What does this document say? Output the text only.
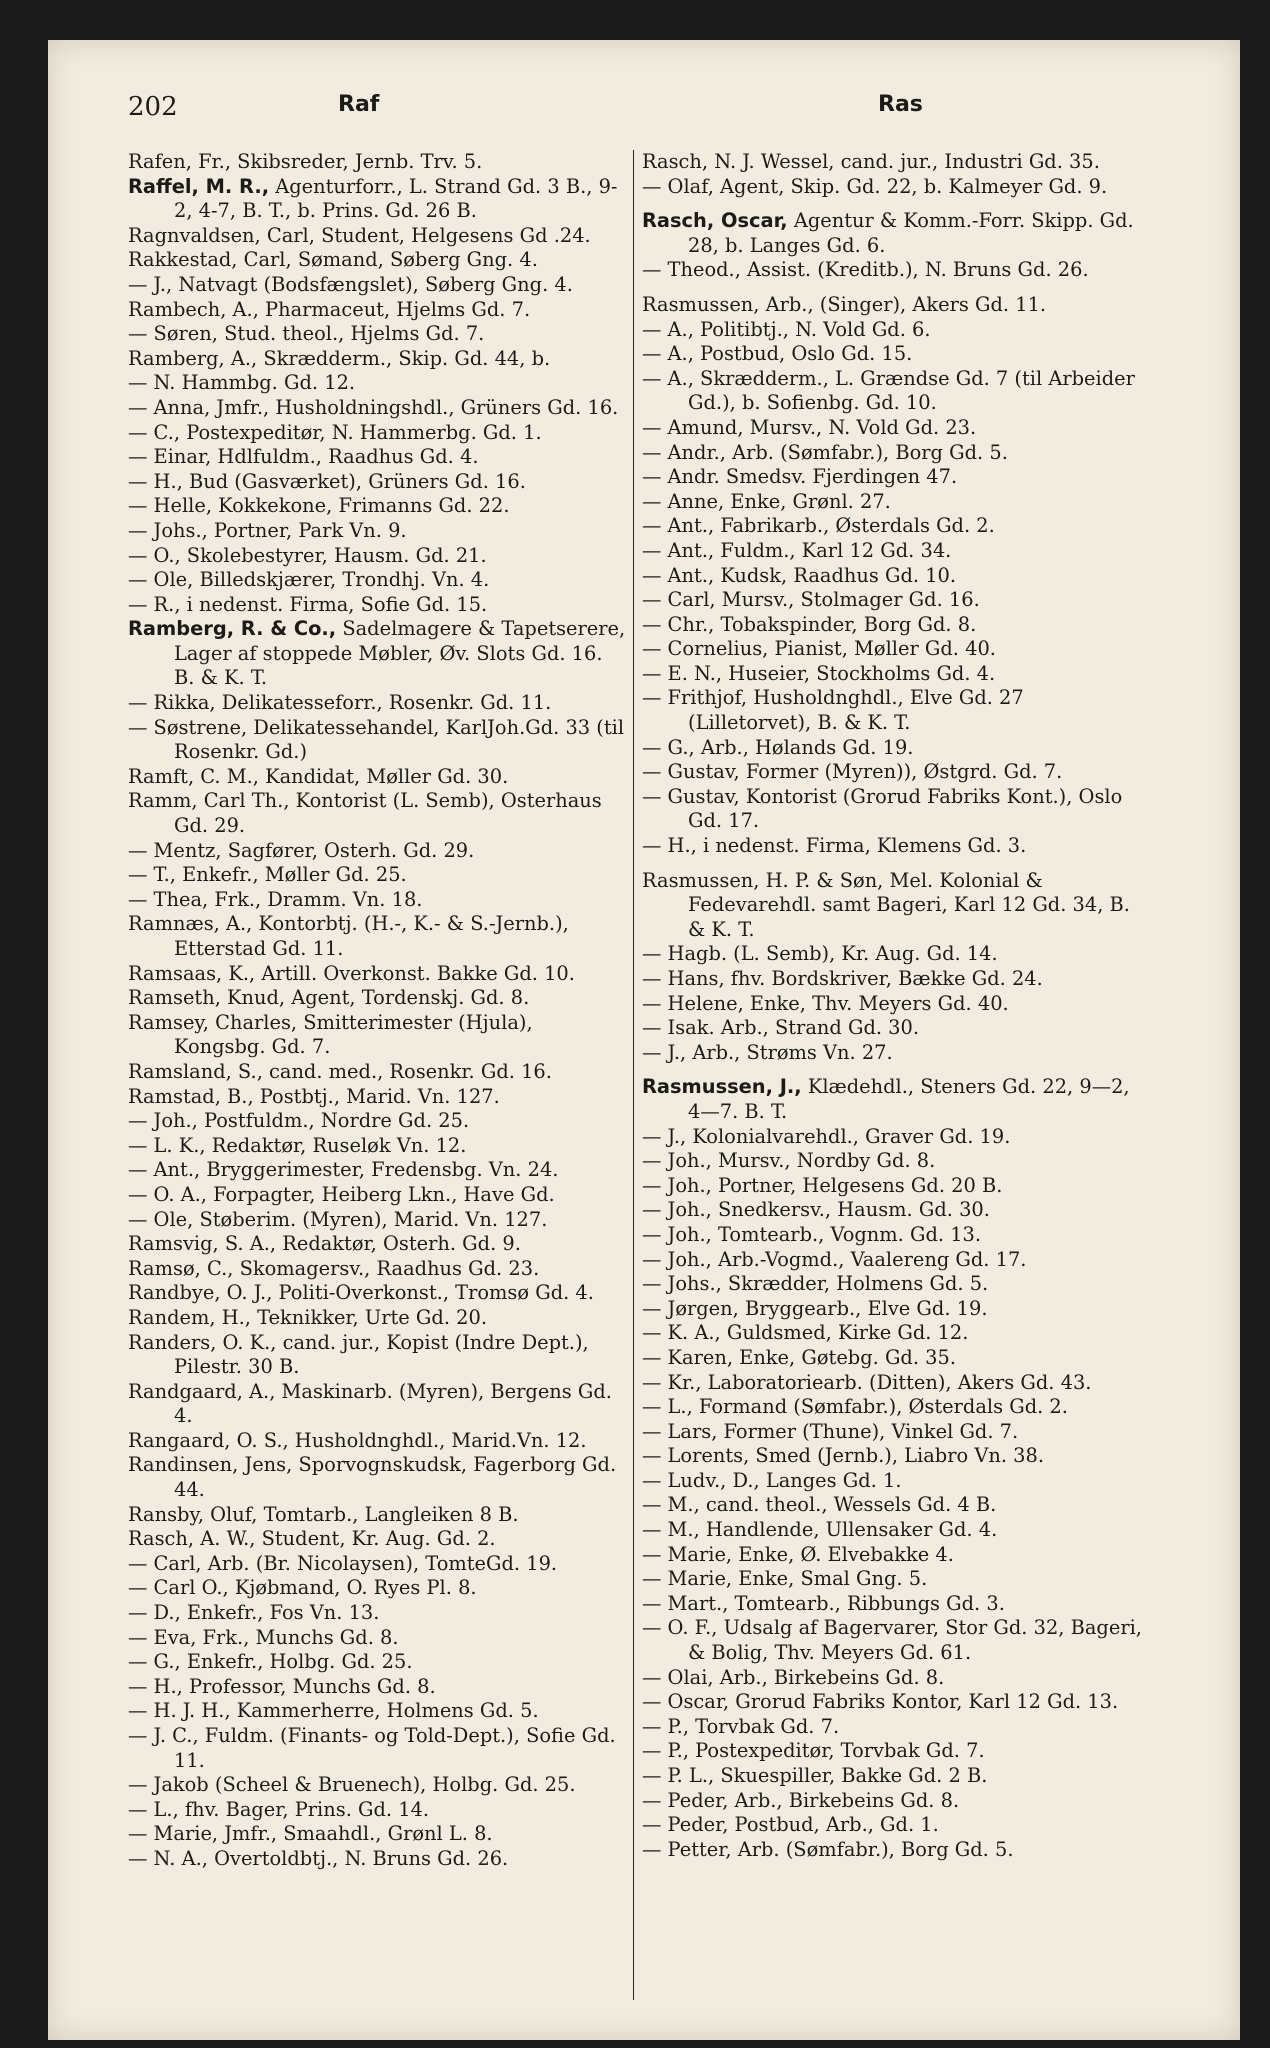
202	Raf	Ras
Rafen, Fr., Skibsreder, Jernb. Trv. 5.
Raffel, M. R., Agenturforr., L. Strand Gd. 3 B., 9-2, 4-7, B. T., b. Prins. Gd. 26 B.
Ragnvaldsen, Carl, Student, Helgesens Gd .24.
Rakkestad, Carl, Sømand, Søberg Gng. 4.
— J., Natvagt (Bodsfængslet), Søberg Gng. 4.
Rambech, A., Pharmaceut, Hjelms Gd. 7.
— Søren, Stud. theol., Hjelms Gd. 7.
Ramberg, A., Skrædderm., Skip. Gd. 44, b.
— N. Hammbg. Gd. 12.
— Anna, Jmfr., Husholdningshdl., Grüners Gd. 16.
— C., Postexpeditør, N. Hammerbg. Gd. 1.
— Einar, Hdlfuldm., Raadhus Gd. 4.
— H., Bud (Gasværket), Grüners Gd. 16.
— Helle, Kokkekone, Frimanns Gd. 22.
— Johs., Portner, Park Vn. 9.
— O., Skolebestyrer, Hausm. Gd. 21.
— Ole, Billedskjærer, Trondhj. Vn. 4.
— R., i nedenst. Firma, Sofie Gd. 15.
Ramberg, R. & Co., Sadelmagere & Tapetserere, Lager af stoppede Møbler, Øv. Slots Gd. 16. B. & K. T.
— Rikka, Delikatesseforr., Rosenkr. Gd. 11.
— Søstrene, Delikatessehandel, KarlJoh.Gd. 33 (til Rosenkr. Gd.)
Ramft, C. M., Kandidat, Møller Gd. 30.
Ramm, Carl Th., Kontorist (L. Semb), Osterhaus Gd. 29.
— Mentz, Sagfører, Osterh. Gd. 29.
— T., Enkefr., Møller Gd. 25.
— Thea, Frk., Dramm. Vn. 18.
Ramnæs, A., Kontorbtj. (H.-, K.- & S.-Jernb.), Etterstad Gd. 11.
Ramsaas, K., Artill. Overkonst. Bakke Gd. 10.
Ramseth, Knud, Agent, Tordenskj. Gd. 8.
Ramsey, Charles, Smitterimester (Hjula), Kongsbg. Gd. 7.
Ramsland, S., cand. med., Rosenkr. Gd. 16.
Ramstad, B., Postbtj., Marid. Vn. 127.
— Joh., Postfuldm., Nordre Gd. 25.
— L. K., Redaktør, Ruseløk Vn. 12.
— Ant., Bryggerimester, Fredensbg. Vn. 24.
— O. A., Forpagter, Heiberg Lkn., Have Gd.
— Ole, Støberim. (Myren), Marid. Vn. 127.
Ramsvig, S. A., Redaktør, Osterh. Gd. 9.
Ramsø, C., Skomagersv., Raadhus Gd. 23.
Randbye, O. J., Politi-Overkonst., Tromsø Gd. 4.
Randem, H., Teknikker, Urte Gd. 20.
Randers, O. K., cand. jur., Kopist (Indre Dept.), Pilestr. 30 B.
Randgaard, A., Maskinarb. (Myren), Bergens Gd. 4.
Rangaard, O. S., Husholdnghdl., Marid.Vn. 12.
Randinsen, Jens, Sporvognskudsk, Fagerborg Gd. 44.
Ransby, Oluf, Tomtarb., Langleiken 8 B.
Rasch, A. W., Student, Kr. Aug. Gd. 2.
— Carl, Arb. (Br. Nicolaysen), TomteGd. 19.
— Carl O., Kjøbmand, O. Ryes Pl. 8.
— D., Enkefr., Fos Vn. 13.
— Eva, Frk., Munchs Gd. 8.
— G., Enkefr., Holbg. Gd. 25.
— H., Professor, Munchs Gd. 8.
— H. J. H., Kammerherre, Holmens Gd. 5.
— J. C., Fuldm. (Finants- og Told-Dept.), Sofie Gd. 11.
— Jakob (Scheel & Bruenech), Holbg. Gd. 25.
— L., fhv. Bager, Prins. Gd. 14.
— Marie, Jmfr., Smaahdl., Grønl L. 8.
— N. A., Overtoldbtj., N. Bruns Gd. 26.
Rasch, N. J. Wessel, cand. jur., Industri Gd. 35.
— Olaf, Agent, Skip. Gd. 22, b. Kalmeyer Gd. 9.
Rasch, Oscar, Agentur & Komm.-Forr. Skipp. Gd. 28, b. Langes Gd. 6.
— Theod., Assist. (Kreditb.), N. Bruns Gd. 26.
Rasmussen, Arb., (Singer), Akers Gd. 11.
— A., Politibtj., N. Vold Gd. 6.
— A., Postbud, Oslo Gd. 15.
— A., Skrædderm., L. Grændse Gd. 7 (til Arbeider Gd.), b. Sofienbg. Gd. 10.
— Amund, Mursv., N. Vold Gd. 23.
— Andr., Arb. (Sømfabr.), Borg Gd. 5.
— Andr. Smedsv. Fjerdingen 47.
— Anne, Enke, Grønl. 27.
— Ant., Fabrikarb., Østerdals Gd. 2.
— Ant., Fuldm., Karl 12 Gd. 34.
— Ant., Kudsk, Raadhus Gd. 10.
— Carl, Mursv., Stolmager Gd. 16.
— Chr., Tobakspinder, Borg Gd. 8.
— Cornelius, Pianist, Møller Gd. 40.
— E. N., Huseier, Stockholms Gd. 4.
— Frithjof, Husholdnghdl., Elve Gd. 27 (Lilletorvet), B. & K. T.
— G., Arb., Hølands Gd. 19.
— Gustav, Former (Myren)), Østgrd. Gd. 7.
— Gustav, Kontorist (Grorud Fabriks Kont.), Oslo Gd. 17.
— H., i nedenst. Firma, Klemens Gd. 3.
Rasmussen, H. P. & Søn, Mel. Kolonial & Fedevarehdl. samt Bageri, Karl 12 Gd. 34, B. & K. T.
— Hagb. (L. Semb), Kr. Aug. Gd. 14.
— Hans, fhv. Bordskriver, Bække Gd. 24.
— Helene, Enke, Thv. Meyers Gd. 40.
— Isak. Arb., Strand Gd. 30.
— J., Arb., Strøms Vn. 27.
Rasmussen, J., Klædehdl., Steners Gd. 22, 9—2, 4—7. B. T.
— J., Kolonialvarehdl., Graver Gd. 19.
— Joh., Mursv., Nordby Gd. 8.
— Joh., Portner, Helgesens Gd. 20 B.
— Joh., Snedkersv., Hausm. Gd. 30.
— Joh., Tomtearb., Vognm. Gd. 13.
— Joh., Arb.-Vogmd., Vaalereng Gd. 17.
— Johs., Skrædder, Holmens Gd. 5.
— Jørgen, Bryggearb., Elve Gd. 19.
— K. A., Guldsmed, Kirke Gd. 12.
— Karen, Enke, Gøtebg. Gd. 35.
— Kr., Laboratoriearb. (Ditten), Akers Gd. 43.
— L., Formand (Sømfabr.), Østerdals Gd. 2.
— Lars, Former (Thune), Vinkel Gd. 7.
— Lorents, Smed (Jernb.), Liabro Vn. 38.
— Ludv., D., Langes Gd. 1.
— M., cand. theol., Wessels Gd. 4 B.
— M., Handlende, Ullensaker Gd. 4.
— Marie, Enke, Ø. Elvebakke 4.
— Marie, Enke, Smal Gng. 5.
— Mart., Tomtearb., Ribbungs Gd. 3.
— O. F., Udsalg af Bagervarer, Stor Gd. 32, Bageri, & Bolig, Thv. Meyers Gd. 61.
— Olai, Arb., Birkebeins Gd. 8.
— Oscar, Grorud Fabriks Kontor, Karl 12 Gd. 13.
— P., Torvbak Gd. 7.
— P., Postexpeditør, Torvbak Gd. 7.
— P. L., Skuespiller, Bakke Gd. 2 B.
— Peder, Arb., Birkebeins Gd. 8.
— Peder, Postbud, Arb., Gd. 1.
— Petter, Arb. (Sømfabr.), Borg Gd. 5.
